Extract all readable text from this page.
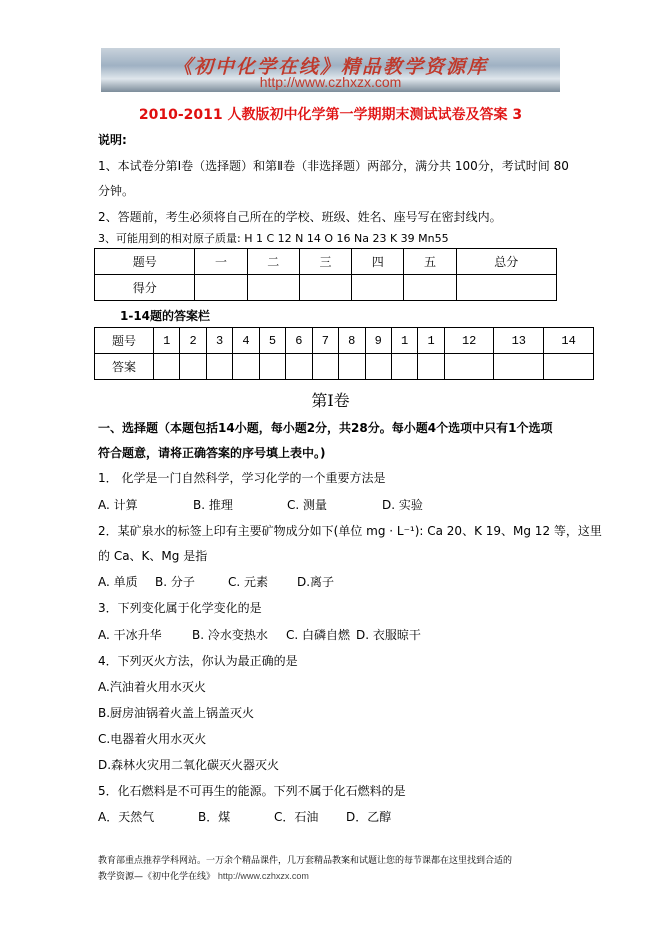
《初中化学在线》精品教学资源库
http://www.czhxzx.com
2010-2011 人教版初中化学第一学期期末测试试卷及答案 3
说明:
1、本试卷分第Ⅰ卷（选择题）和第Ⅱ卷（非选择题）两部分，满分共 100分，考试时间 80
分钟。
2、答题前，考生必须将自己所在的学校、班级、姓名、座号写在密封线内。
3、可能用到的相对原子质量: H 1 C 12 N 14 O 16 Na 23 K 39 Mn55
题号	一	二	三	四	五	总分
得分						
1-14题的答案栏
题号	1	2	3	4	5	6	7	8	9	1	1	12	13	14
答案														
第Ⅰ卷
一、选择题（本题包括14小题，每小题2分，共28分。每小题4个选项中只有1个选项
符合题意，请将正确答案的序号填上表中。)
1． 化学是一门自然科学，学习化学的一个重要方法是
A. 计算	B. 推理	C. 测量	D. 实验
2．某矿泉水的标签上印有主要矿物成分如下(单位 mg · L⁻¹): Ca 20、K 19、Mg 12 等，这里
的 Ca、K、Mg 是指
A. 单质 B. 分子	C. 元素 D.离子
3．下列变化属于化学变化的是
A. 干冰升华	B. 冷水变热水 C. 白磷自燃 D. 衣服晾干
4．下列灭火方法，你认为最正确的是
A.汽油着火用水灭火
B.厨房油锅着火盖上锅盖灭火
C.电器着火用水灭火
D.森林火灾用二氧化碳灭火器灭火
5．化石燃料是不可再生的能源。下列不属于化石燃料的是
A．天然气	B．煤	C．石油 D．乙醇
教育部重点推荐学科网站。一万余个精品课件，几万套精品教案和试题让您的每节课都在这里找到合适的
教学资源—《初中化学在线》 http://www.czhxzx.com
